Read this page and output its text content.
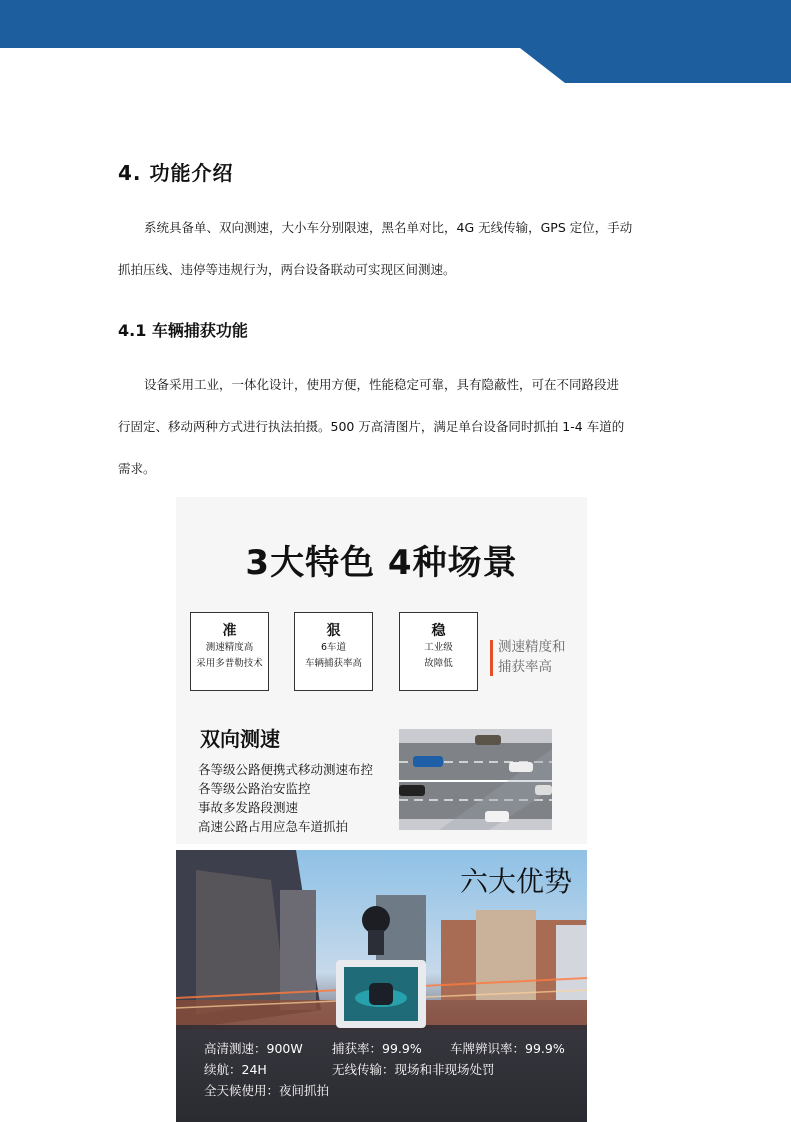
4. 功能介绍
系统具备单、双向测速，大小车分别限速，黑名单对比，4G 无线传输，GPS 定位，手动
抓拍压线、违停等违规行为，两台设备联动可实现区间测速。
4.1 车辆捕获功能
设备采用工业，一体化设计，使用方便，性能稳定可靠，具有隐蔽性，可在不同路段进
行固定、移动两种方式进行执法拍摄。500 万高清图片，满足单台设备同时抓拍 1-4 车道的
需求。
3大特色 4种场景
准
测速精度高
采用多普勒技术
狠
6车道
车辆捕获率高
稳
工业级
故障低
测速精度和
捕获率高
双向测速
各等级公路便携式移动测速布控
各等级公路治安监控
事故多发路段测速
高速公路占用应急车道抓拍
六大优势
高清测速：900W 捕获率：99.9% 车牌辨识率：99.9%
续航：24H	无线传输：现场和非现场处罚
全天候使用：夜间抓拍
